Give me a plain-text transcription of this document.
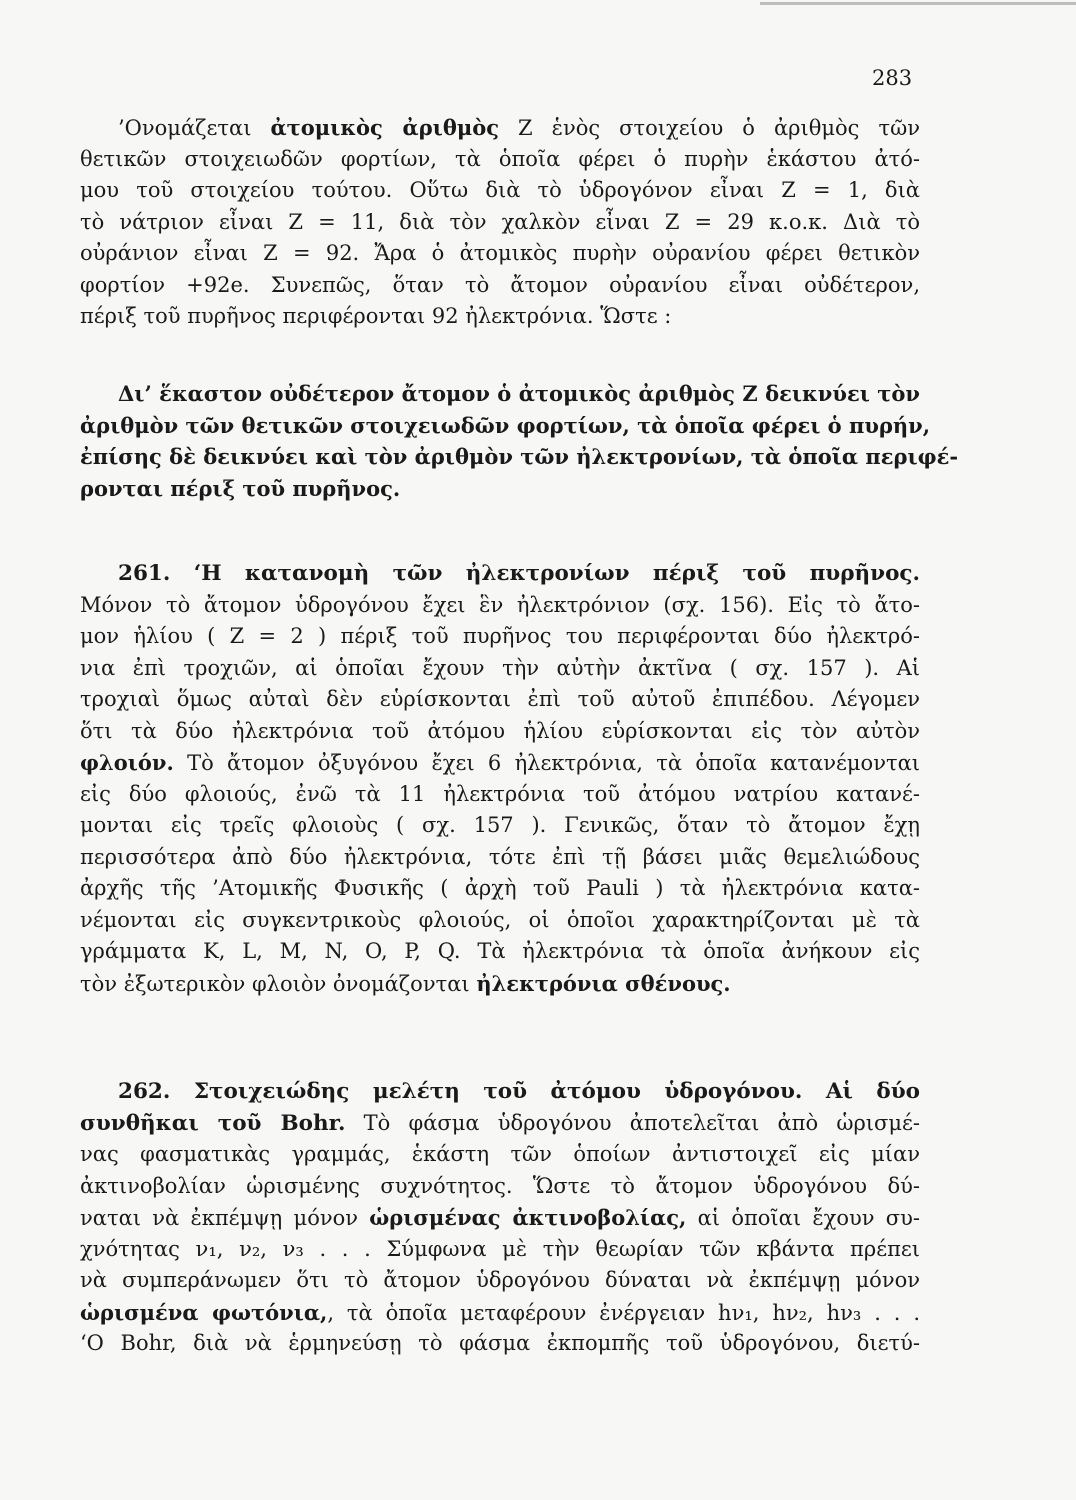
283
’Ονομάζεται ἀτομικὸς ἀριθμὸς Ζ ἑνὸς στοιχείου ὁ ἀριθμὸς τῶν
θετικῶν στοιχειωδῶν φορτίων, τὰ ὁποῖα φέρει ὁ πυρὴν ἑκάστου ἀτό-
μου τοῦ στοιχείου τούτου. Οὕτω διὰ τὸ ὑδρογόνον εἶναι Ζ = 1, διὰ
τὸ νάτριον εἶναι Ζ = 11, διὰ τὸν χαλκὸν εἶναι Ζ = 29 κ.ο.κ. Διὰ τὸ
οὐράνιον εἶναι Ζ = 92. Ἄρα ὁ ἀτομικὸς πυρὴν οὐρανίου φέρει θετικὸν
φορτίον +92e. Συνεπῶς, ὅταν τὸ ἄτομον οὐρανίου εἶναι οὐδέτερον,
πέριξ τοῦ πυρῆνος περιφέρονται 92 ἠλεκτρόνια. Ὥστε :
Δι’ ἕκαστον οὐδέτερον ἄτομον ὁ ἀτομικὸς ἀριθμὸς Ζ δεικνύει τὸν
ἀριθμὸν τῶν θετικῶν στοιχειωδῶν φορτίων, τὰ ὁποῖα φέρει ὁ πυρήν,
ἐπίσης δὲ δεικνύει καὶ τὸν ἀριθμὸν τῶν ἠλεκτρονίων, τὰ ὁποῖα περιφέ-
ρονται πέριξ τοῦ πυρῆνος.
261. ‘Η κατανομὴ τῶν ἠλεκτρονίων πέριξ τοῦ πυρῆνος.
Μόνον τὸ ἄτομον ὑδρογόνου ἔχει ἓν ἠλεκτρόνιον (σχ. 156). Εἰς τὸ ἄτο-
μον ἡλίου ( Ζ = 2 ) πέριξ τοῦ πυρῆνος του περιφέρονται δύο ἠλεκτρό-
νια ἐπὶ τροχιῶν, αἱ ὁποῖαι ἔχουν τὴν αὐτὴν ἀκτῖνα ( σχ. 157 ). Αἱ
τροχιαὶ ὅμως αὐταὶ δὲν εὑρίσκονται ἐπὶ τοῦ αὐτοῦ ἐπιπέδου. Λέγομεν
ὅτι τὰ δύο ἠλεκτρόνια τοῦ ἀτόμου ἡλίου εὑρίσκονται εἰς τὸν αὐτὸν
φλοιόν. Τὸ ἄτομον ὀξυγόνου ἔχει 6 ἠλεκτρόνια, τὰ ὁποῖα κατανέμονται
εἰς δύο φλοιούς, ἐνῶ τὰ 11 ἠλεκτρόνια τοῦ ἀτόμου νατρίου κατανέ-
μονται εἰς τρεῖς φλοιοὺς ( σχ. 157 ). Γενικῶς, ὅταν τὸ ἄτομον ἔχῃ
περισσότερα ἀπὸ δύο ἠλεκτρόνια, τότε ἐπὶ τῇ βάσει μιᾶς θεμελιώδους
ἀρχῆς τῆς ’Ατομικῆς Φυσικῆς ( ἀρχὴ τοῦ Pauli ) τὰ ἠλεκτρόνια κατα-
νέμονται εἰς συγκεντρικοὺς φλοιούς, οἱ ὁποῖοι χαρακτηρίζονται μὲ τὰ
γράμματα K, L, M, N, O, P, Q. Τὰ ἠλεκτρόνια τὰ ὁποῖα ἀνήκουν εἰς
τὸν ἐξωτερικὸν φλοιὸν ὀνομάζονται ἠλεκτρόνια σθένους.
262. Στοιχειώδης μελέτη τοῦ ἀτόμου ὑδρογόνου. Αἱ δύο
συνθῆκαι τοῦ Bohr. Τὸ φάσμα ὑδρογόνου ἀποτελεῖται ἀπὸ ὡρισμέ-
νας φασματικὰς γραμμάς, ἑκάστη τῶν ὁποίων ἀντιστοιχεῖ εἰς μίαν
ἀκτινοβολίαν ὡρισμένης συχνότητος. Ὥστε τὸ ἄτομον ὑδρογόνου δύ-
ναται νὰ ἐκπέμψῃ μόνον ὡρισμένας ἀκτινοβολίας, αἱ ὁποῖαι ἔχουν συ-
χνότητας ν₁, ν₂, ν₃ . . . Σύμφωνα μὲ τὴν θεωρίαν τῶν κβάντα πρέπει
νὰ συμπεράνωμεν ὅτι τὸ ἄτομον ὑδρογόνου δύναται νὰ ἐκπέμψῃ μόνον
ὡρισμένα φωτόνια,, τὰ ὁποῖα μεταφέρουν ἐνέργειαν hν₁, hν₂, hν₃ . . .
‘Ο Bohr, διὰ νὰ ἑρμηνεύσῃ τὸ φάσμα ἐκπομπῆς τοῦ ὑδρογόνου, διετύ-
